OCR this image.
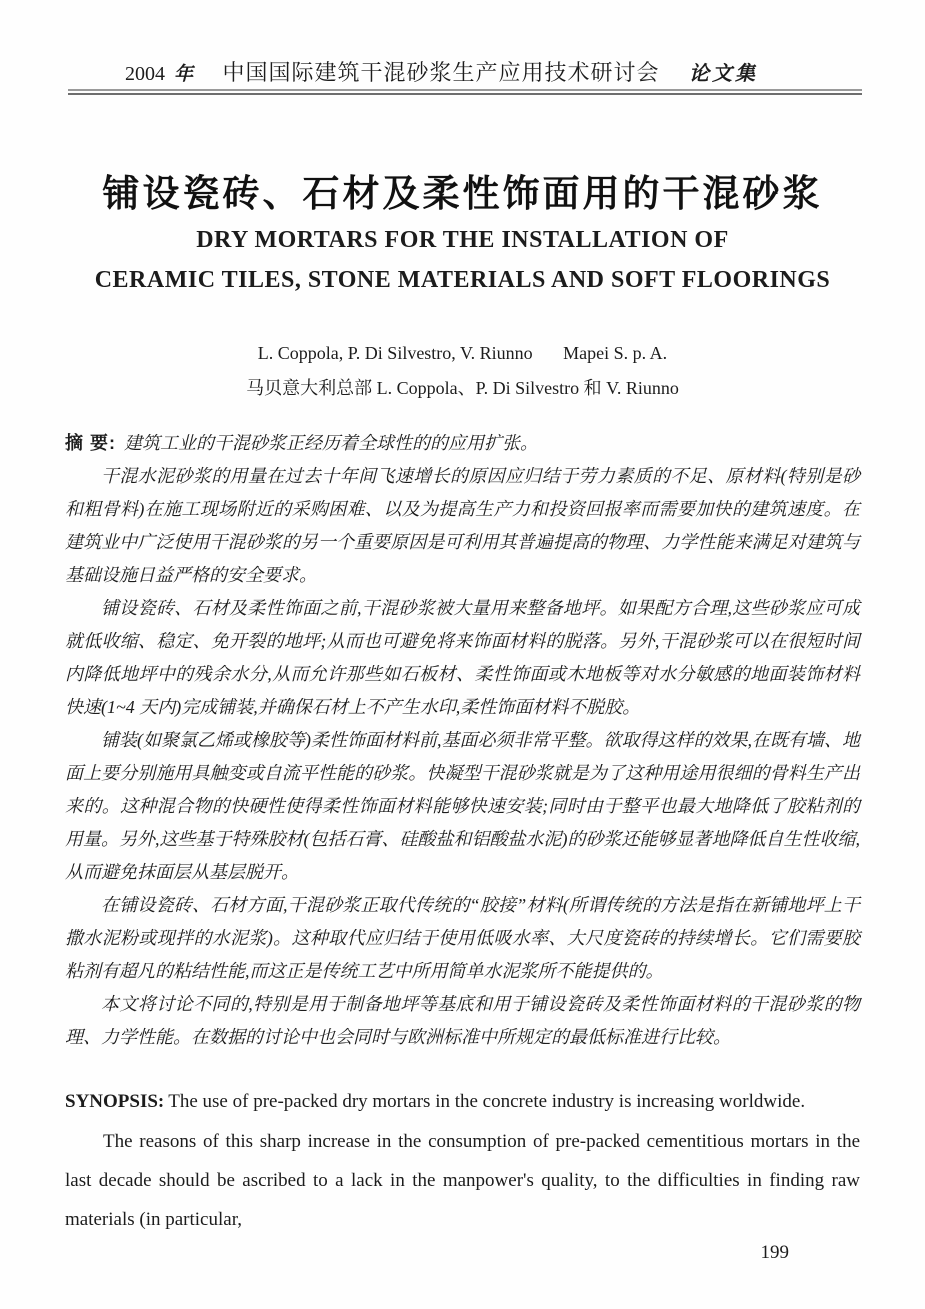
2004 年	中国国际建筑干混砂浆生产应用技术研讨会	论文集
铺设瓷砖、石材及柔性饰面用的干混砂浆
DRY MORTARS FOR THE INSTALLATION OF
CERAMIC TILES, STONE MATERIALS AND SOFT FLOORINGS
L. Coppola, P. Di Silvestro, V. Riunno Mapei S. p. A.
马贝意大利总部 L. Coppola、P. Di Silvestro 和 V. Riunno

摘 要: 建筑工业的干混砂浆正经历着全球性的的应用扩张。

干混水泥砂浆的用量在过去十年间飞速增长的原因应归结于劳力素质的不足、原材料(特别是砂和粗骨料)在施工现场附近的采购困难、以及为提高生产力和投资回报率而需要加快的建筑速度。在建筑业中广泛使用干混砂浆的另一个重要原因是可利用其普遍提高的物理、力学性能来满足对建筑与基础设施日益严格的安全要求。

铺设瓷砖、石材及柔性饰面之前,干混砂浆被大量用来整备地坪。如果配方合理,这些砂浆应可成就低收缩、稳定、免开裂的地坪;从而也可避免将来饰面材料的脱落。另外,干混砂浆可以在很短时间内降低地坪中的残余水分,从而允许那些如石板材、柔性饰面或木地板等对水分敏感的地面装饰材料快速(1~4 天内)完成铺装,并确保石材上不产生水印,柔性饰面材料不脱胶。

铺装(如聚氯乙烯或橡胶等)柔性饰面材料前,基面必须非常平整。欲取得这样的效果,在既有墙、地面上要分别施用具触变或自流平性能的砂浆。快凝型干混砂浆就是为了这种用途用很细的骨料生产出来的。这种混合物的快硬性使得柔性饰面材料能够快速安装;同时由于整平也最大地降低了胶粘剂的用量。另外,这些基于特殊胶材(包括石膏、硅酸盐和铝酸盐水泥)的砂浆还能够显著地降低自生性收缩,从而避免抹面层从基层脱开。

在铺设瓷砖、石材方面,干混砂浆正取代传统的“胶接”材料(所谓传统的方法是指在新铺地坪上干撒水泥粉或现拌的水泥浆)。这种取代应归结于使用低吸水率、大尺度瓷砖的持续增长。它们需要胶粘剂有超凡的粘结性能,而这正是传统工艺中所用简单水泥浆所不能提供的。

本文将讨论不同的,特别是用于制备地坪等基底和用于铺设瓷砖及柔性饰面材料的干混砂浆的物理、力学性能。在数据的讨论中也会同时与欧洲标准中所规定的最低标准进行比较。

SYNOPSIS: The use of pre-packed dry mortars in the concrete industry is increasing worldwide.

The reasons of this sharp increase in the consumption of pre-packed cementitious mortars in the last decade should be ascribed to a lack in the manpower's quality, to the difficulties in finding raw materials (in particular,

199
